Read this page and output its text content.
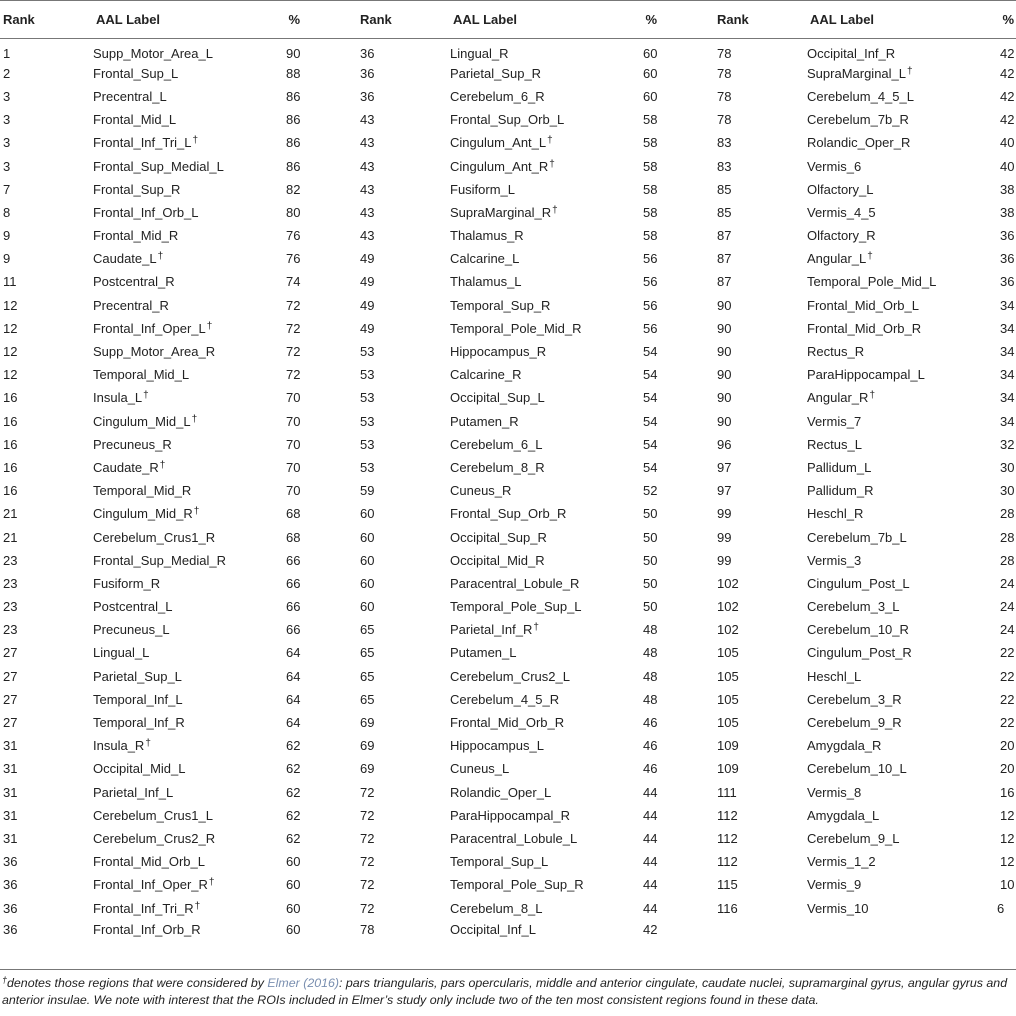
Rank	AAL Label	%	Rank	AAL Label	%	Rank	AAL Label	%
1	Supp_Motor_Area_L	90	36	Lingual_R	60	78	Occipital_Inf_R	42
2	Frontal_Sup_L	88	36	Parietal_Sup_R	60	78	SupraMarginal_L†	42
3	Precentral_L	86	36	Cerebelum_6_R	60	78	Cerebelum_4_5_L	42
3	Frontal_Mid_L	86	43	Frontal_Sup_Orb_L	58	78	Cerebelum_7b_R	42
3	Frontal_Inf_Tri_L†	86	43	Cingulum_Ant_L†	58	83	Rolandic_Oper_R	40
3	Frontal_Sup_Medial_L	86	43	Cingulum_Ant_R†	58	83	Vermis_6	40
7	Frontal_Sup_R	82	43	Fusiform_L	58	85	Olfactory_L	38
8	Frontal_Inf_Orb_L	80	43	SupraMarginal_R†	58	85	Vermis_4_5	38
9	Frontal_Mid_R	76	43	Thalamus_R	58	87	Olfactory_R	36
9	Caudate_L†	76	49	Calcarine_L	56	87	Angular_L†	36
11	Postcentral_R	74	49	Thalamus_L	56	87	Temporal_Pole_Mid_L	36
12	Precentral_R	72	49	Temporal_Sup_R	56	90	Frontal_Mid_Orb_L	34
12	Frontal_Inf_Oper_L†	72	49	Temporal_Pole_Mid_R	56	90	Frontal_Mid_Orb_R	34
12	Supp_Motor_Area_R	72	53	Hippocampus_R	54	90	Rectus_R	34
12	Temporal_Mid_L	72	53	Calcarine_R	54	90	ParaHippocampal_L	34
16	Insula_L†	70	53	Occipital_Sup_L	54	90	Angular_R†	34
16	Cingulum_Mid_L†	70	53	Putamen_R	54	90	Vermis_7	34
16	Precuneus_R	70	53	Cerebelum_6_L	54	96	Rectus_L	32
16	Caudate_R†	70	53	Cerebelum_8_R	54	97	Pallidum_L	30
16	Temporal_Mid_R	70	59	Cuneus_R	52	97	Pallidum_R	30
21	Cingulum_Mid_R†	68	60	Frontal_Sup_Orb_R	50	99	Heschl_R	28
21	Cerebelum_Crus1_R	68	60	Occipital_Sup_R	50	99	Cerebelum_7b_L	28
23	Frontal_Sup_Medial_R	66	60	Occipital_Mid_R	50	99	Vermis_3	28
23	Fusiform_R	66	60	Paracentral_Lobule_R	50	102	Cingulum_Post_L	24
23	Postcentral_L	66	60	Temporal_Pole_Sup_L	50	102	Cerebelum_3_L	24
23	Precuneus_L	66	65	Parietal_Inf_R†	48	102	Cerebelum_10_R	24
27	Lingual_L	64	65	Putamen_L	48	105	Cingulum_Post_R	22
27	Parietal_Sup_L	64	65	Cerebelum_Crus2_L	48	105	Heschl_L	22
27	Temporal_Inf_L	64	65	Cerebelum_4_5_R	48	105	Cerebelum_3_R	22
27	Temporal_Inf_R	64	69	Frontal_Mid_Orb_R	46	105	Cerebelum_9_R	22
31	Insula_R†	62	69	Hippocampus_L	46	109	Amygdala_R	20
31	Occipital_Mid_L	62	69	Cuneus_L	46	109	Cerebelum_10_L	20
31	Parietal_Inf_L	62	72	Rolandic_Oper_L	44	111	Vermis_8	16
31	Cerebelum_Crus1_L	62	72	ParaHippocampal_R	44	112	Amygdala_L	12
31	Cerebelum_Crus2_R	62	72	Paracentral_Lobule_L	44	112	Cerebelum_9_L	12
36	Frontal_Mid_Orb_L	60	72	Temporal_Sup_L	44	112	Vermis_1_2	12
36	Frontal_Inf_Oper_R†	60	72	Temporal_Pole_Sup_R	44	115	Vermis_9	10
36	Frontal_Inf_Tri_R†	60	72	Cerebelum_8_L	44	116	Vermis_10	6
36	Frontal_Inf_Orb_R	60	78	Occipital_Inf_L	42			
†denotes those regions that were considered by Elmer (2016): pars triangularis, pars opercularis, middle and anterior cingulate, caudate nuclei, supramarginal gyrus, angular gyrus and anterior insulae. We note with interest that the ROIs included in Elmer’s study only include two of the ten most consistent regions found in these data.
